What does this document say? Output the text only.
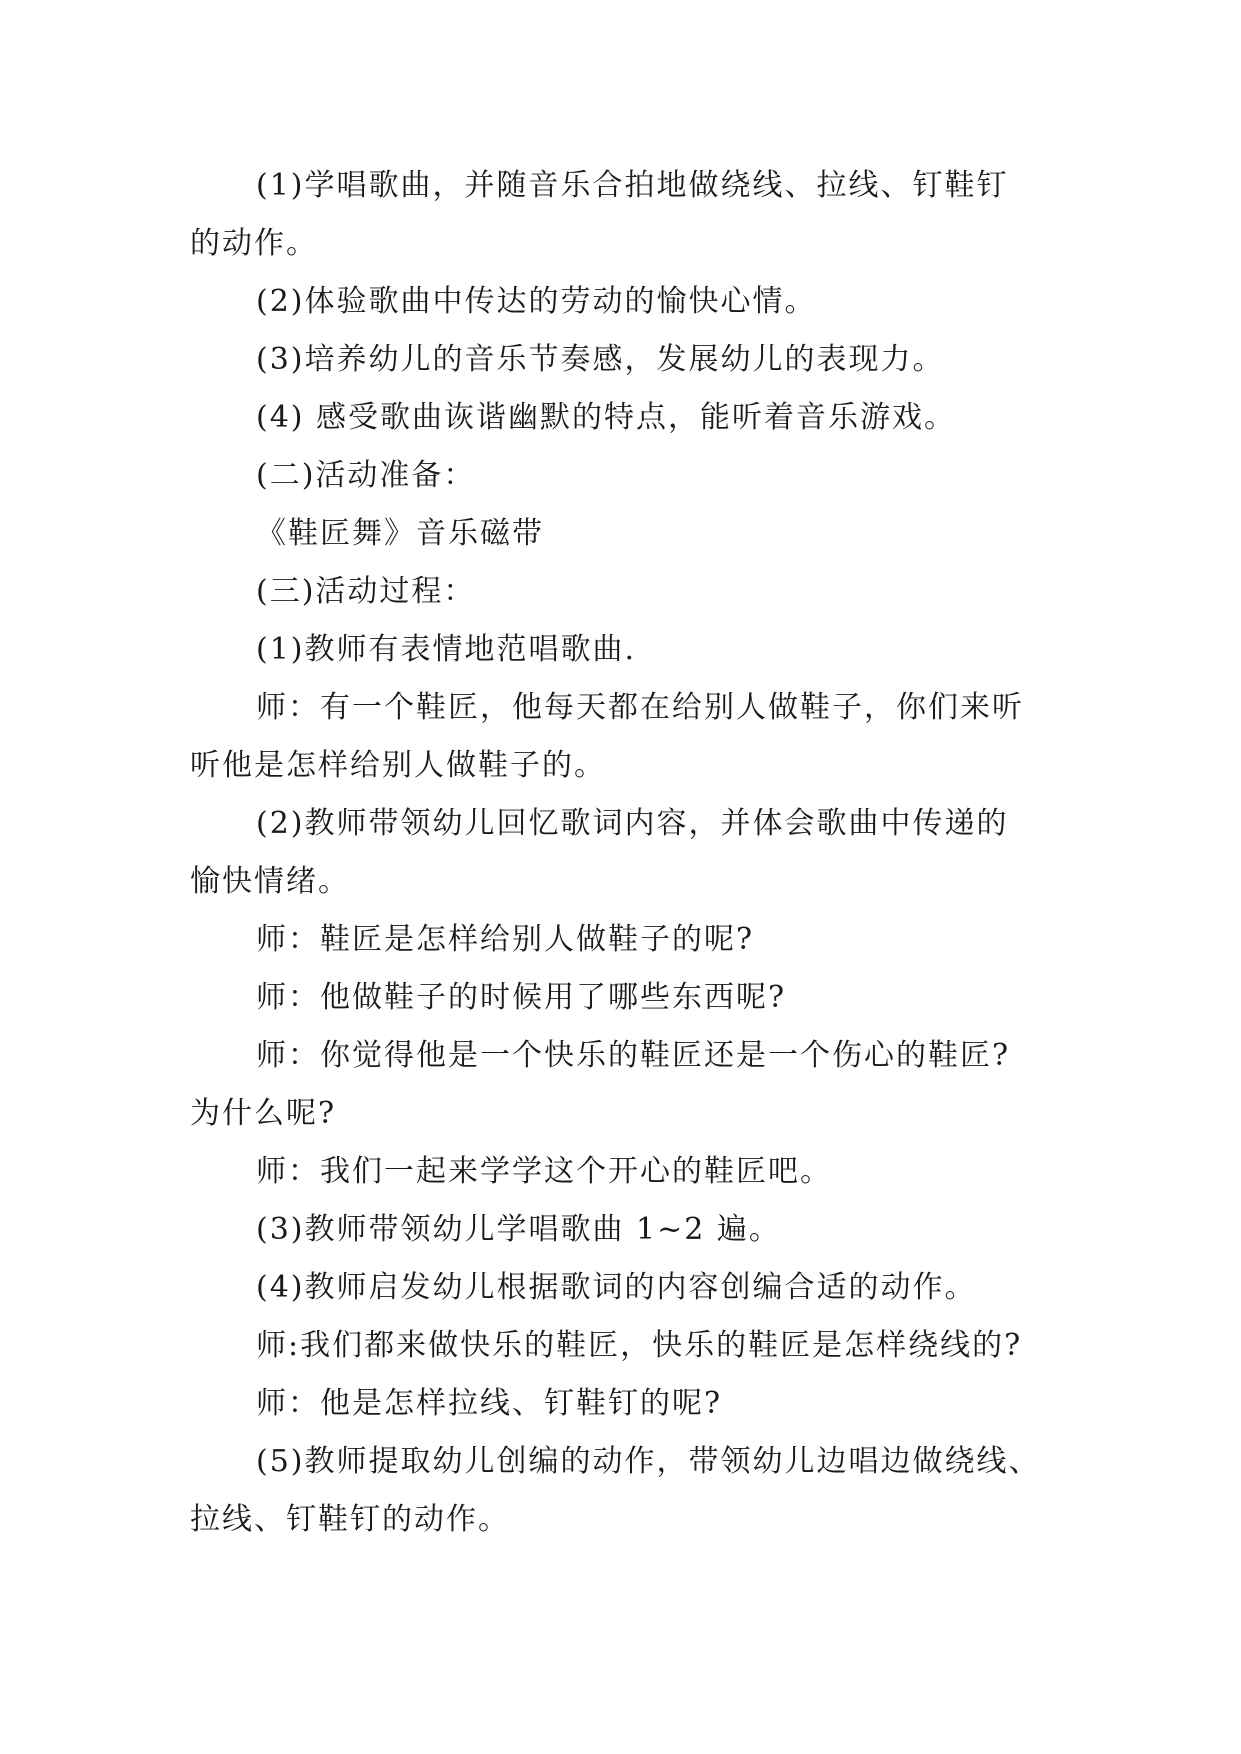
(1)学唱歌曲，并随音乐合拍地做绕线、拉线、钉鞋钉
的动作。
(2)体验歌曲中传达的劳动的愉快心情。
(3)培养幼儿的音乐节奏感，发展幼儿的表现力。
(4) 感受歌曲诙谐幽默的特点，能听着音乐游戏。
(二)活动准备：
《鞋匠舞》音乐磁带
(三)活动过程：
(1)教师有表情地范唱歌曲.
师：有一个鞋匠，他每天都在给别人做鞋子，你们来听
听他是怎样给别人做鞋子的。
(2)教师带领幼儿回忆歌词内容，并体会歌曲中传递的
愉快情绪。
师：鞋匠是怎样给别人做鞋子的呢?
师：他做鞋子的时候用了哪些东西呢?
师：你觉得他是一个快乐的鞋匠还是一个伤心的鞋匠?
为什么呢?
师：我们一起来学学这个开心的鞋匠吧。
(3)教师带领幼儿学唱歌曲 1~2 遍。
(4)教师启发幼儿根据歌词的内容创编合适的动作。
师:我们都来做快乐的鞋匠，快乐的鞋匠是怎样绕线的?
师：他是怎样拉线、钉鞋钉的呢?
(5)教师提取幼儿创编的动作，带领幼儿边唱边做绕线、
拉线、钉鞋钉的动作。
